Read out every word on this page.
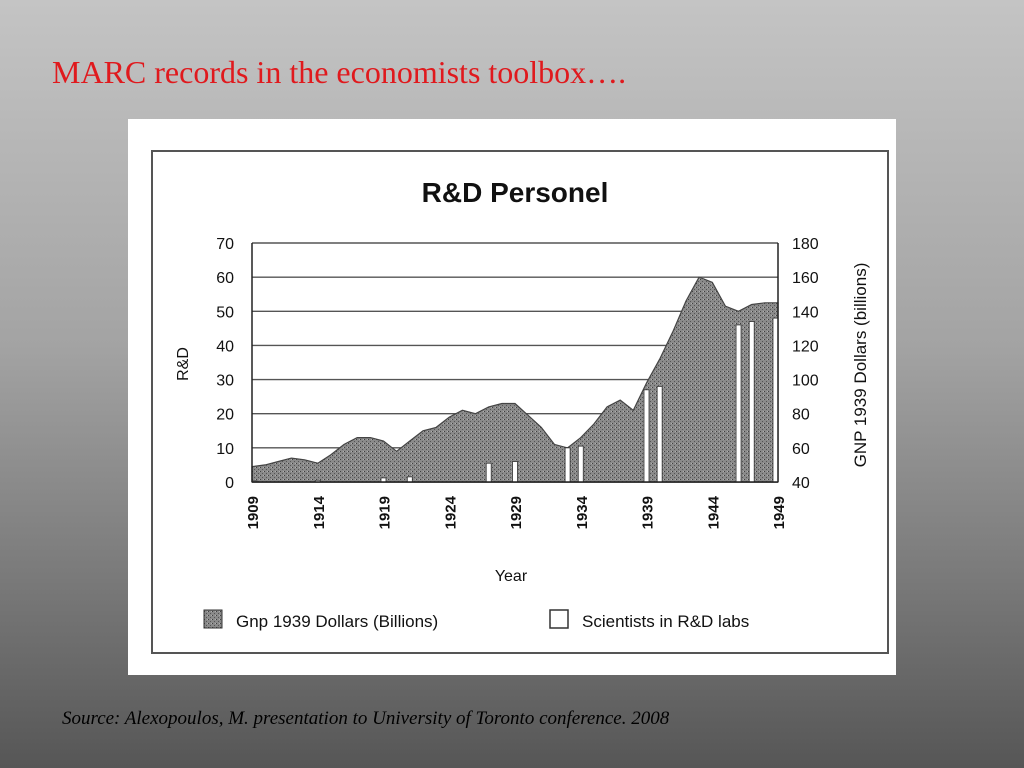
MARC records in the economists toolbox….
R&D Personel
0
10
20
30
40
50
60
70
40
60
80
100
120
140
160
180
1909	1914	1919	1924	1929	1934	1939	1944	1949
Year
R&D	GNP 1939 Dollars (billions)
Gnp 1939 Dollars (Billions)	Scientists in R&D labs
Source: Alexopoulos, M. presentation to University of Toronto conference. 2008
